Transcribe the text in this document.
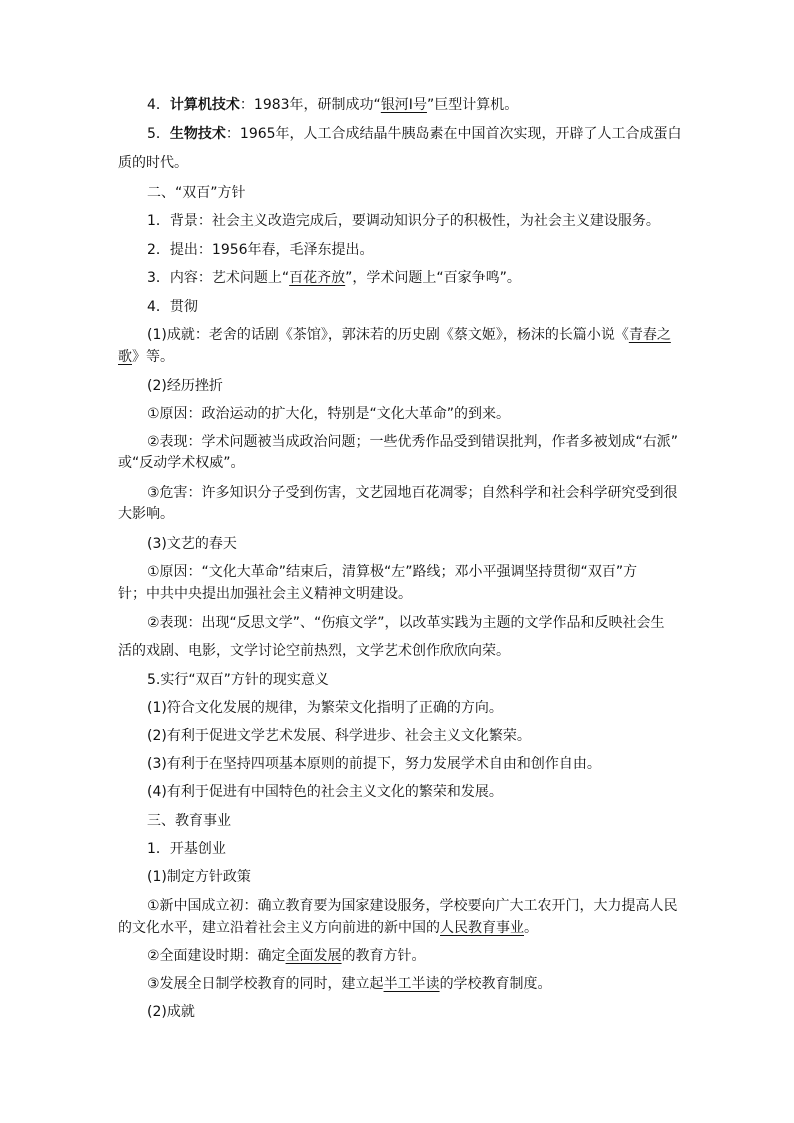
4．计算机技术：1983年，研制成功“银河Ⅰ号”巨型计算机。
5．生物技术：1965年，人工合成结晶牛胰岛素在中国首次实现，开辟了人工合成蛋白
质的时代。
二、“双百”方针
1．背景：社会主义改造完成后，要调动知识分子的积极性，为社会主义建设服务。
2．提出：1956年春，毛泽东提出。
3．内容：艺术问题上“百花齐放”，学术问题上“百家争鸣”。
4．贯彻
(1)成就：老舍的话剧《茶馆》，郭沫若的历史剧《蔡文姬》，杨沫的长篇小说《青春之
歌》等。
(2)经历挫折
①原因：政治运动的扩大化，特别是“文化大革命”的到来。
②表现：学术问题被当成政治问题；一些优秀作品受到错误批判，作者多被划成“右派”
或“反动学术权威”。
③危害：许多知识分子受到伤害，文艺园地百花凋零；自然科学和社会科学研究受到很
大影响。
(3)文艺的春天
①原因：“文化大革命”结束后，清算极“左”路线；邓小平强调坚持贯彻“双百”方
针；中共中央提出加强社会主义精神文明建设。
②表现：出现“反思文学”、“伤痕文学”，以改革实践为主题的文学作品和反映社会生
活的戏剧、电影，文学讨论空前热烈，文学艺术创作欣欣向荣。
5.实行“双百”方针的现实意义
(1)符合文化发展的规律，为繁荣文化指明了正确的方向。
(2)有利于促进文学艺术发展、科学进步、社会主义文化繁荣。
(3)有利于在坚持四项基本原则的前提下，努力发展学术自由和创作自由。
(4)有利于促进有中国特色的社会主义文化的繁荣和发展。
三、教育事业
1．开基创业
(1)制定方针政策
①新中国成立初：确立教育要为国家建设服务，学校要向广大工农开门，大力提高人民
的文化水平，建立沿着社会主义方向前进的新中国的人民教育事业。
②全面建设时期：确定全面发展的教育方针。
③发展全日制学校教育的同时，建立起半工半读的学校教育制度。
(2)成就
